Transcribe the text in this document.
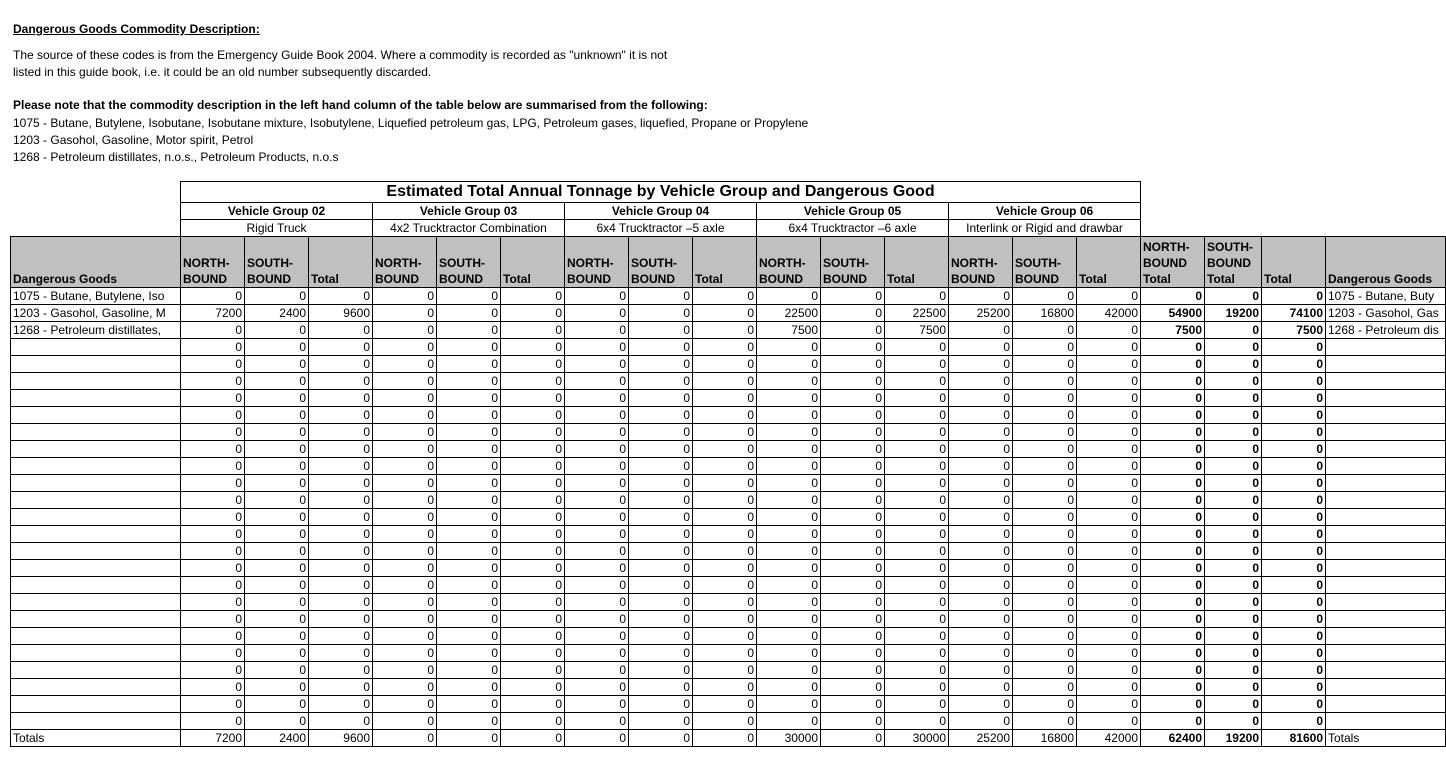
Dangerous Goods Commodity Description:
The source of these codes is from the Emergency Guide Book 2004. Where a commodity is recorded as "unknown" it is not
listed in this guide book, i.e. it could be an old number subsequently discarded.
Please note that the commodity description in the left hand column of the table below are summarised from the following:
1075 - Butane, Butylene, Isobutane, Isobutane mixture, Isobutylene, Liquefied petroleum gas, LPG, Petroleum gases, liquefied, Propane or Propylene
1203 - Gasohol, Gasoline, Motor spirit, Petrol
1268 - Petroleum distillates, n.o.s., Petroleum Products, n.o.s
	Estimated Total Annual Tonnage by Vehicle Group and Dangerous Good																		
	Vehicle Group 02			Vehicle Group 03			Vehicle Group 04			Vehicle Group 05			Vehicle Group 06						
	Rigid Truck			4x2 Trucktractor Combination			6x4 Trucktractor –5 axle			6x4 Trucktractor –6 axle			Interlink or Rigid and drawbar						
Dangerous Goods	NORTH-BOUND	SOUTH-BOUND	Total	NORTH-BOUND	SOUTH-BOUND	Total	NORTH-BOUND	SOUTH-BOUND	Total	NORTH-BOUND	SOUTH-BOUND	Total	NORTH-BOUND	SOUTH-BOUND	Total	NORTH-BOUND Total	SOUTH-BOUND Total	Total	Dangerous Goods
1075 - Butane, Butylene, Iso	0	0	0	0	0	0	0	0	0	0	0	0	0	0	0	0	0	0	1075 - Butane, Buty
1203 - Gasohol, Gasoline, M	7200	2400	9600	0	0	0	0	0	0	22500	0	22500	25200	16800	42000	54900	19200	74100	1203 - Gasohol, Gas
1268 - Petroleum distillates,	0	0	0	0	0	0	0	0	0	7500	0	7500	0	0	0	7500	0	7500	1268 - Petroleum dis
	0	0	0	0	0	0	0	0	0	0	0	0	0	0	0	0	0	0	
	0	0	0	0	0	0	0	0	0	0	0	0	0	0	0	0	0	0	
	0	0	0	0	0	0	0	0	0	0	0	0	0	0	0	0	0	0	
	0	0	0	0	0	0	0	0	0	0	0	0	0	0	0	0	0	0	
	0	0	0	0	0	0	0	0	0	0	0	0	0	0	0	0	0	0	
	0	0	0	0	0	0	0	0	0	0	0	0	0	0	0	0	0	0	
	0	0	0	0	0	0	0	0	0	0	0	0	0	0	0	0	0	0	
	0	0	0	0	0	0	0	0	0	0	0	0	0	0	0	0	0	0	
	0	0	0	0	0	0	0	0	0	0	0	0	0	0	0	0	0	0	
	0	0	0	0	0	0	0	0	0	0	0	0	0	0	0	0	0	0	
	0	0	0	0	0	0	0	0	0	0	0	0	0	0	0	0	0	0	
	0	0	0	0	0	0	0	0	0	0	0	0	0	0	0	0	0	0	
	0	0	0	0	0	0	0	0	0	0	0	0	0	0	0	0	0	0	
	0	0	0	0	0	0	0	0	0	0	0	0	0	0	0	0	0	0	
	0	0	0	0	0	0	0	0	0	0	0	0	0	0	0	0	0	0	
	0	0	0	0	0	0	0	0	0	0	0	0	0	0	0	0	0	0	
	0	0	0	0	0	0	0	0	0	0	0	0	0	0	0	0	0	0	
	0	0	0	0	0	0	0	0	0	0	0	0	0	0	0	0	0	0	
	0	0	0	0	0	0	0	0	0	0	0	0	0	0	0	0	0	0	
	0	0	0	0	0	0	0	0	0	0	0	0	0	0	0	0	0	0	
	0	0	0	0	0	0	0	0	0	0	0	0	0	0	0	0	0	0	
	0	0	0	0	0	0	0	0	0	0	0	0	0	0	0	0	0	0	
	0	0	0	0	0	0	0	0	0	0	0	0	0	0	0	0	0	0	
Totals	7200	2400	9600	0	0	0	0	0	0	30000	0	30000	25200	16800	42000	62400	19200	81600	Totals
